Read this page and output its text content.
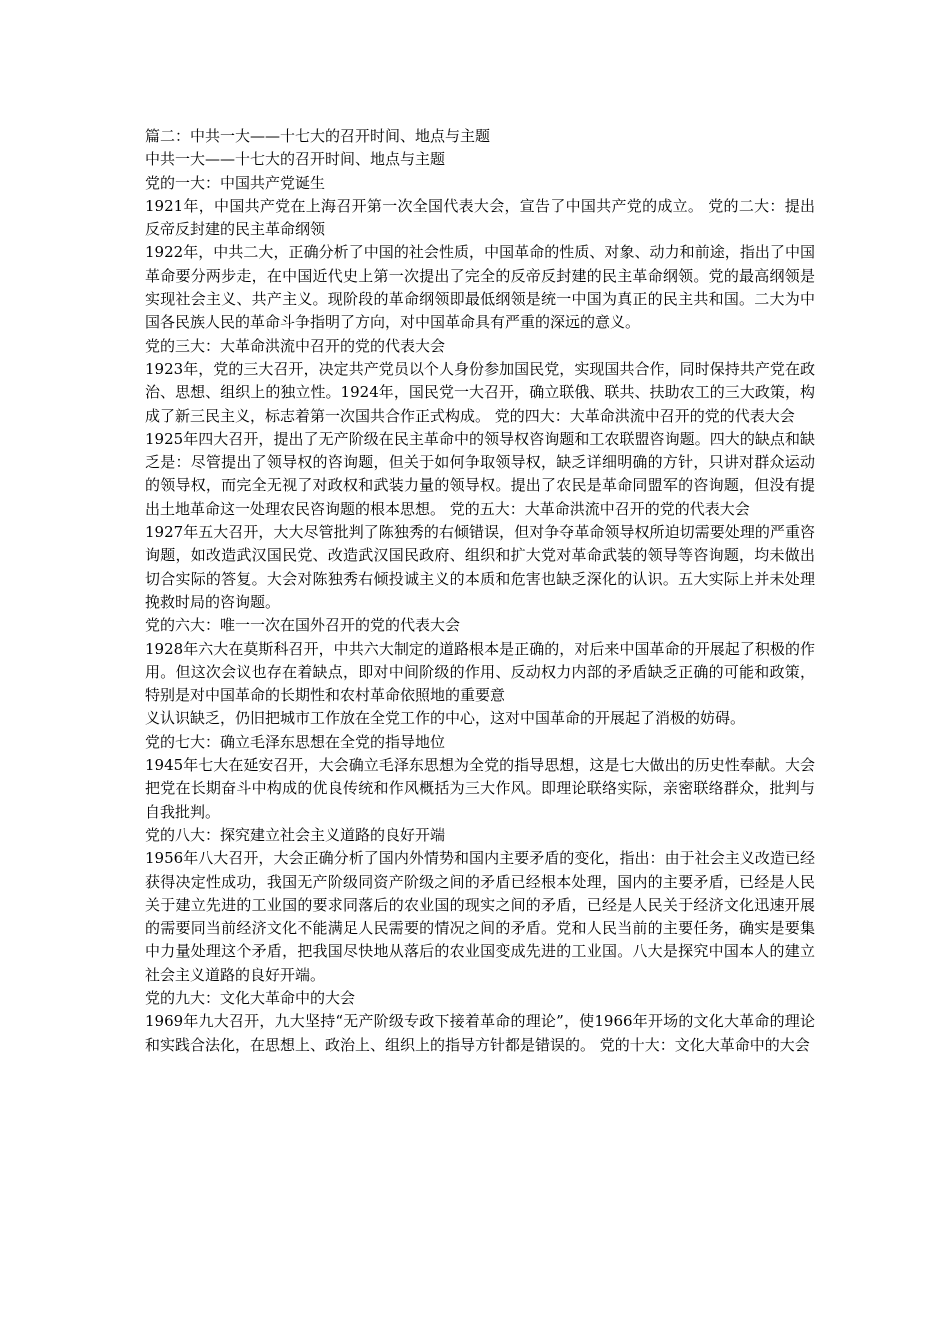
篇二：中共一大——十七大的召开时间、地点与主题

中共一大——十七大的召开时间、地点与主题

党的一大：中国共产党诞生

1921年，中国共产党在上海召开第一次全国代表大会，宣告了中国共产党的成立。 党的二大：提出反帝反封建的民主革命纲领

1922年，中共二大，正确分析了中国的社会性质，中国革命的性质、对象、动力和前途，指出了中国革命要分两步走，在中国近代史上第一次提出了完全的反帝反封建的民主革命纲领。党的最高纲领是实现社会主义、共产主义。现阶段的革命纲领即最低纲领是统一中国为真正的民主共和国。二大为中国各民族人民的革命斗争指明了方向，对中国革命具有严重的深远的意义。

党的三大：大革命洪流中召开的党的代表大会

1923年，党的三大召开，决定共产党员以个人身份参加国民党，实现国共合作，同时保持共产党在政治、思想、组织上的独立性。1924年，国民党一大召开，确立联俄、联共、扶助农工的三大政策，构成了新三民主义，标志着第一次国共合作正式构成。 党的四大：大革命洪流中召开的党的代表大会

1925年四大召开，提出了无产阶级在民主革命中的领导权咨询题和工农联盟咨询题。四大的缺点和缺乏是：尽管提出了领导权的咨询题，但关于如何争取领导权，缺乏详细明确的方针，只讲对群众运动的领导权，而完全无视了对政权和武装力量的领导权。提出了农民是革命同盟军的咨询题，但没有提出土地革命这一处理农民咨询题的根本思想。 党的五大：大革命洪流中召开的党的代表大会

1927年五大召开，大大尽管批判了陈独秀的右倾错误，但对争夺革命领导权所迫切需要处理的严重咨询题，如改造武汉国民党、改造武汉国民政府、组织和扩大党对革命武装的领导等咨询题，均未做出切合实际的答复。大会对陈独秀右倾投诚主义的本质和危害也缺乏深化的认识。五大实际上并未处理挽救时局的咨询题。

党的六大：唯一一次在国外召开的党的代表大会

1928年六大在莫斯科召开，中共六大制定的道路根本是正确的，对后来中国革命的开展起了积极的作用。但这次会议也存在着缺点，即对中间阶级的作用、反动权力内部的矛盾缺乏正确的可能和政策，特别是对中国革命的长期性和农村革命依照地的重要意

义认识缺乏，仍旧把城市工作放在全党工作的中心，这对中国革命的开展起了消极的妨碍。

党的七大：确立毛泽东思想在全党的指导地位

1945年七大在延安召开，大会确立毛泽东思想为全党的指导思想，这是七大做出的历史性奉献。大会把党在长期奋斗中构成的优良传统和作风概括为三大作风。即理论联络实际，亲密联络群众，批判与自我批判。

党的八大：探究建立社会主义道路的良好开端

1956年八大召开，大会正确分析了国内外情势和国内主要矛盾的变化，指出：由于社会主义改造已经获得决定性成功，我国无产阶级同资产阶级之间的矛盾已经根本处理，国内的主要矛盾，已经是人民关于建立先进的工业国的要求同落后的农业国的现实之间的矛盾，已经是人民关于经济文化迅速开展的需要同当前经济文化不能满足人民需要的情况之间的矛盾。党和人民当前的主要任务，确实是要集中力量处理这个矛盾，把我国尽快地从落后的农业国变成先进的工业国。八大是探究中国本人的建立社会主义道路的良好开端。

党的九大：文化大革命中的大会

1969年九大召开，九大坚持“无产阶级专政下接着革命的理论”，使1966年开场的文化大革命的理论和实践合法化，在思想上、政治上、组织上的指导方针都是错误的。 党的十大：文化大革命中的大会
